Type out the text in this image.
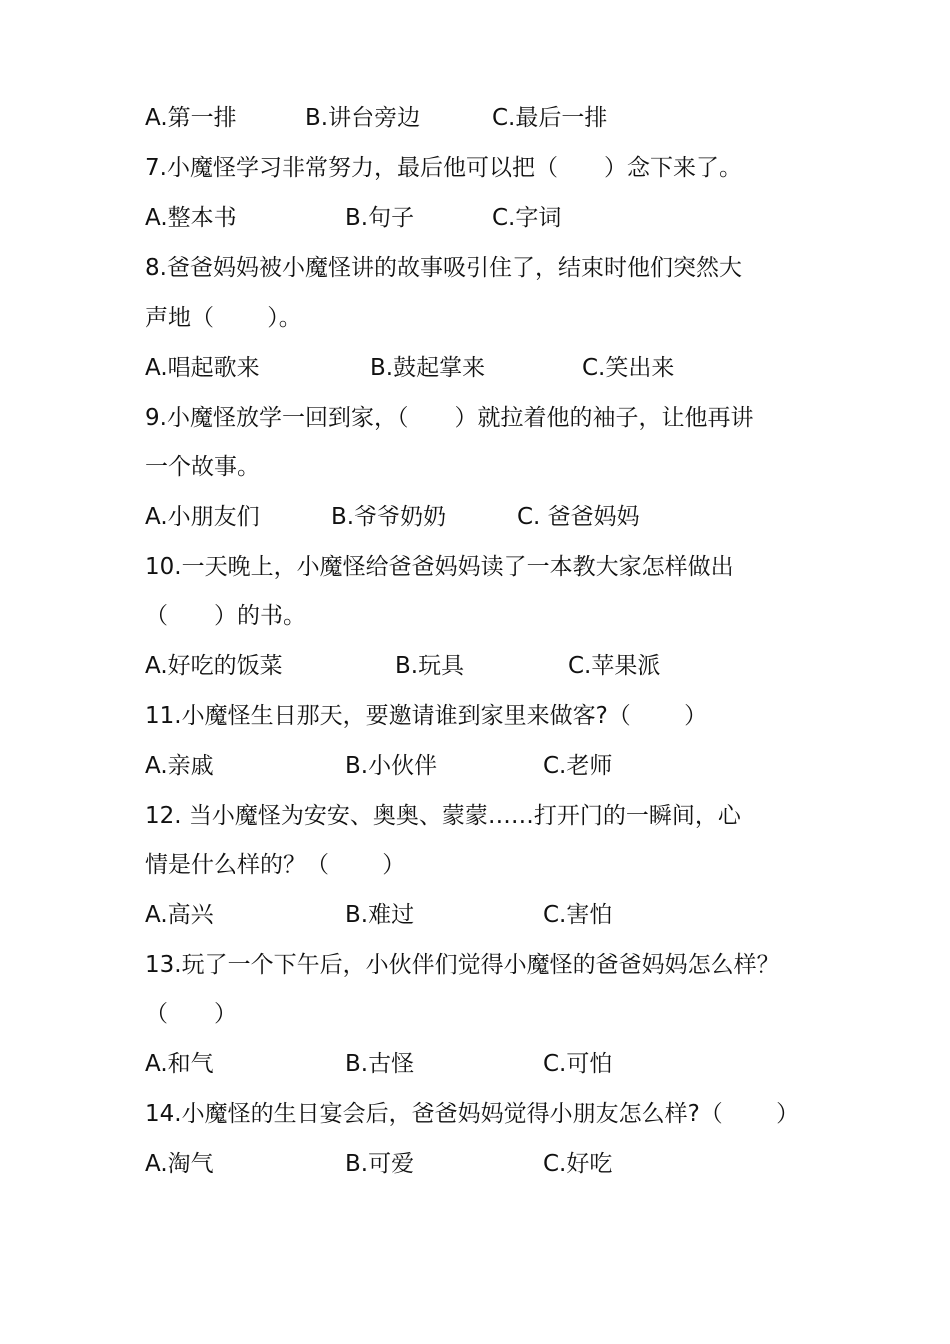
A.第一排	B.讲台旁边	C.最后一排
7.小魔怪学习非常努力，最后他可以把（　　）念下来了。
A.整本书	B.句子	C.字词
8.爸爸妈妈被小魔怪讲的故事吸引住了，结束时他们突然大
声地（　　 ）。
A.唱起歌来	B.鼓起掌来	C.笑出来
9.小魔怪放学一回到家，（　　）就拉着他的袖子，让他再讲
一个故事。
A.小朋友们	B.爷爷奶奶	C. 爸爸妈妈
10.一天晚上，小魔怪给爸爸妈妈读了一本教大家怎样做出
（　　）的书。
A.好吃的饭菜	B.玩具	C.苹果派
11.小魔怪生日那天，要邀请谁到家里来做客?（　　 ）
A.亲戚	B.小伙伴	C.老师
12. 当小魔怪为安安、奥奥、蒙蒙……打开门的一瞬间，心
情是什么样的？（　　 ）
A.高兴	B.难过	C.害怕
13.玩了一个下午后，小伙伴们觉得小魔怪的爸爸妈妈怎么样？
（　　）
A.和气	B.古怪	C.可怕
14.小魔怪的生日宴会后，爸爸妈妈觉得小朋友怎么样?（　　 ）
A.淘气	B.可爱	C.好吃
